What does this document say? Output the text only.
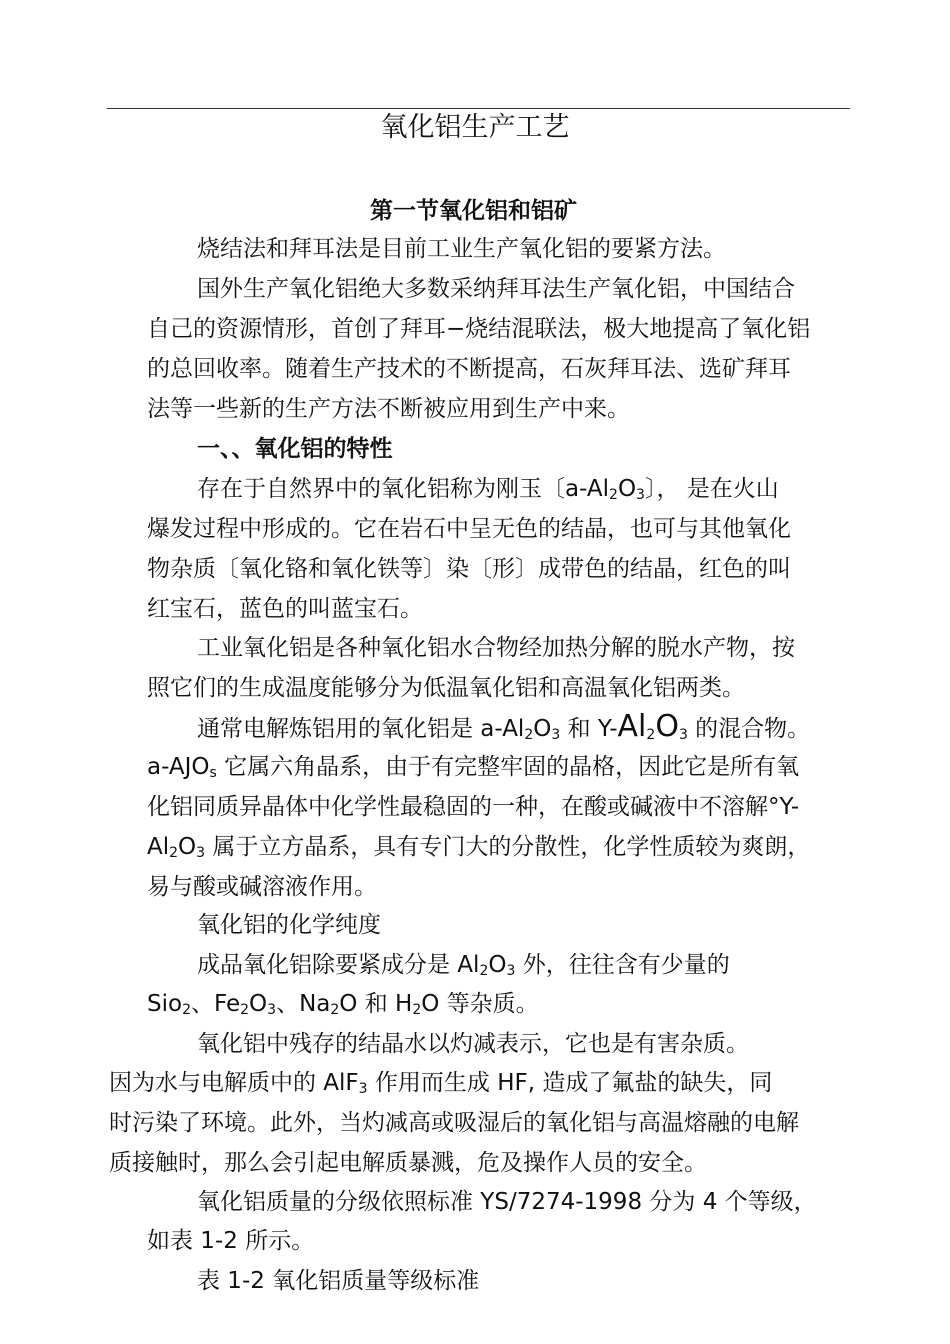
氧化铝生产工艺
第一节氧化铝和铝矿
烧结法和拜耳法是目前工业生产氧化铝的要紧方法。
国外生产氧化铝绝大多数采纳拜耳法生产氧化铝，中国结合
自己的资源情形，首创了拜耳−烧结混联法，极大地提高了氧化铝
的总回收率。随着生产技术的不断提高，石灰拜耳法、选矿拜耳
法等一些新的生产方法不断被应用到生产中来。
一、、氧化铝的特性
存在于自然界中的氧化铝称为刚玉〔$a-Al_2O_3$〕， 是在火山
爆发过程中形成的。它在岩石中呈无色的结晶，也可与其他氧化
物杂质〔氧化铬和氧化铁等〕染〔形〕成带色的结晶，红色的叫
红宝石，蓝色的叫蓝宝石。
工业氧化铝是各种氧化铝水合物经加热分解的脱水产物，按
照它们的生成温度能够分为低温氧化铝和高温氧化铝两类。
通常电解炼铝用的氧化铝是 $a-Al_2O_3$ 和 $Y-Al_2O_3$ 的混合物。
$a-AJO_s$ 它属六角晶系，由于有完整牢固的晶格，因此它是所有氧
化铝同质异晶体中化学性最稳固的一种，在酸或碱液中不溶解°Y-
$Al_2O_3$ 属于立方晶系，具有专门大的分散性，化学性质较为爽朗，
易与酸或碱溶液作用。
氧化铝的化学纯度
成品氧化铝除要紧成分是 $Al_2O_3$ 外，往往含有少量的
Sio$_2$、$Fe_2O_3$、$Na_2O$ 和 $H_2O$ 等杂质。
氧化铝中残存的结晶水以灼减表示，它也是有害杂质。
因为水与电解质中的 AlF$_3$ 作用而生成 HF, 造成了氟盐的缺失，同
时污染了环境。此外，当灼减高或吸湿后的氧化铝与高温熔融的电解
质接触时，那么会引起电解质暴溅，危及操作人员的安全。
氧化铝质量的分级依照标准 YS/7274-1998 分为 4 个等级，
如表 1-2 所示。
表 1-2 氧化铝质量等级标准
